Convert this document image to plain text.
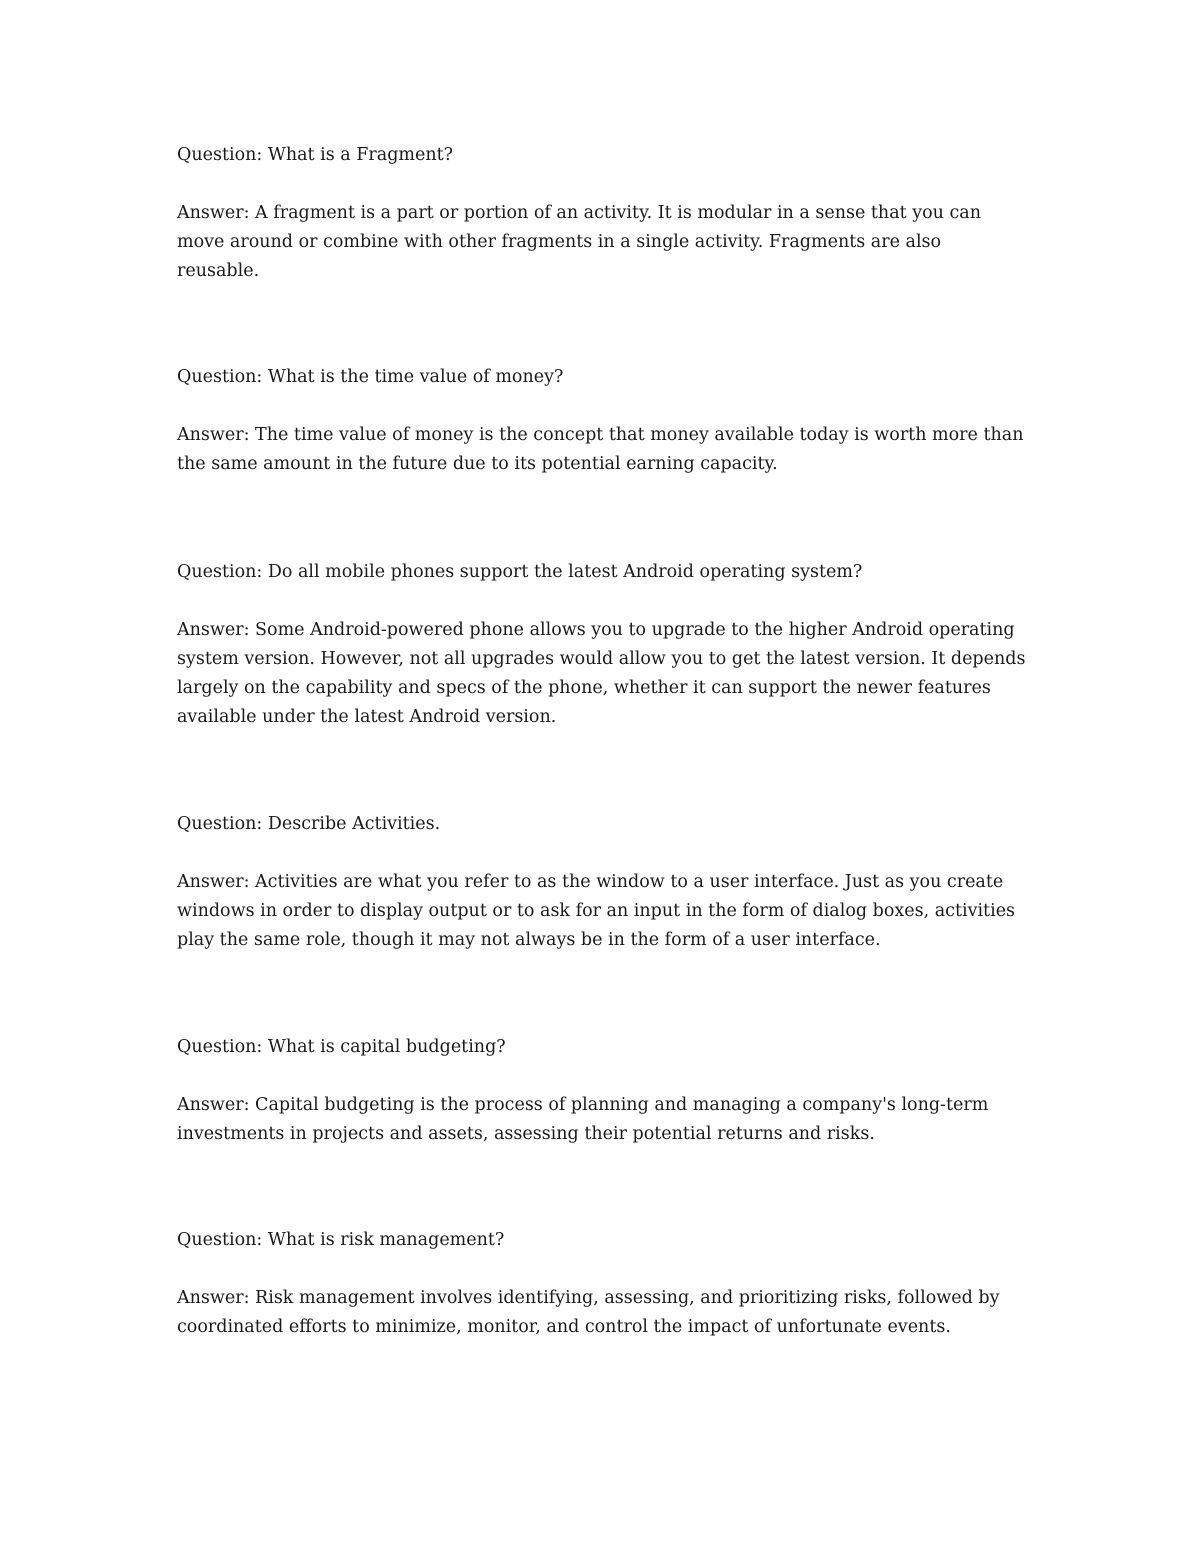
Question: What is a Fragment?

Answer: A fragment is a part or portion of an activity. It is modular in a sense that you can move around or combine with other fragments in a single activity. Fragments are also reusable.

Question: What is the time value of money?

Answer: The time value of money is the concept that money available today is worth more than the same amount in the future due to its potential earning capacity.

Question: Do all mobile phones support the latest Android operating system?

Answer: Some Android-powered phone allows you to upgrade to the higher Android operating system version. However, not all upgrades would allow you to get the latest version. It depends largely on the capability and specs of the phone, whether it can support the newer features available under the latest Android version.

Question: Describe Activities.

Answer: Activities are what you refer to as the window to a user interface. Just as you create windows in order to display output or to ask for an input in the form of dialog boxes, activities play the same role, though it may not always be in the form of a user interface.

Question: What is capital budgeting?

Answer: Capital budgeting is the process of planning and managing a company's long-term investments in projects and assets, assessing their potential returns and risks.

Question: What is risk management?

Answer: Risk management involves identifying, assessing, and prioritizing risks, followed by coordinated efforts to minimize, monitor, and control the impact of unfortunate events.
